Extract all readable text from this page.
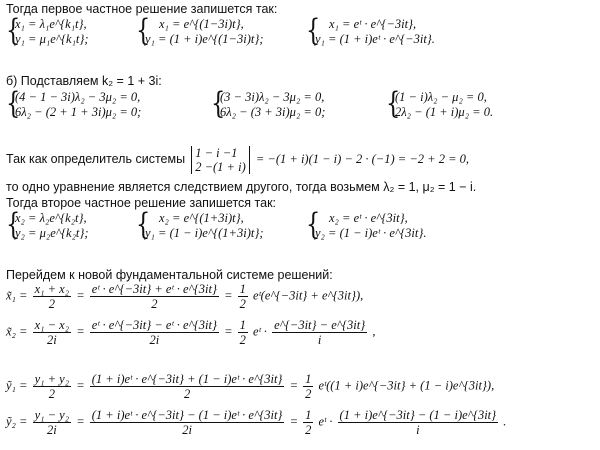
Тогда первое частное решение запишется так:
{
x₁ = λ₁e^{k₁t},
y₁ = μ₁e^{k₁t}; { x₁ = e^{(1−3i)t},
y₁ = (1 + i)e^{(1−3i)t}; { x₁ = eᵗ · e^{−3it},
y₁ = (1 + i)eᵗ · e^{−3it}.
б) Подставляем k₂ = 1 + 3i:
{
(4 − 1 − 3i)λ₂ − 3μ₂ = 0,
6λ₂ − (2 + 1 + 3i)μ₂ = 0; {
(3 − 3i)λ₂ − 3μ₂ = 0,
6λ₂ − (3 + 3i)μ₂ = 0; {
(1 − i)λ₂ − μ₂ = 0,
2λ₂ − (1 + i)μ₂ = 0.
Так как определитель системы 1 − i −1
2 −(1 + i)
= −(1 + i)(1 − i) − 2 · (−1) = −2 + 2 = 0,
то одно уравнение является следствием другого, тогда возьмем λ₂ = 1, μ₂ = 1 − i.
Тогда второе частное решение запишется так:
{
x₂ = λ₂e^{k₂t},
y₂ = μ₂e^{k₂t}; { x₂ = e^{(1+3i)t},
y₁ = (1 − i)e^{(1+3i)t}; { x₂ = eᵗ · e^{3it},
y₂ = (1 − i)eᵗ · e^{3it}.
Перейдем к новой фундаментальной системе решений:
x̃₁ = $\frac{\text{x₁ + x₂}}{2} = \frac{\text{eᵗ · e\textasciicircum{}\{−3it\} + eᵗ · e\textasciicircum{}\{3it\}}}{2} = \frac{1}{2}$ eᵗ(e^{−3it} + e^{3it}),
x̃₂ = $\frac{\text{x₁ − x₂}}{2i} = \frac{\text{eᵗ · e\textasciicircum{}\{−3it\} − eᵗ · e\textasciicircum{}\{3it\}}}{2i} = \frac{1}{2}$ eᵗ · $\frac{e\^{}\{-3it\} - e\^{}\{3it\}}{i}$ ,
ỹ₁ = $\frac{\text{y₁ + y₂}}{2} = \frac{\text{(1 + i)eᵗ · e\textasciicircum{}\{−3it\} + (1 − i)eᵗ · e\textasciicircum{}\{3it\}}}{2} = \frac{1}{2}$ eᵗ((1 + i)e^{−3it} + (1 − i)e^{3it}),
ỹ₂ = $\frac{\text{y₁ − y₂}}{2i} = \frac{\text{(1 + i)eᵗ · e\textasciicircum{}\{−3it\} − (1 − i)eᵗ · e\textasciicircum{}\{3it\}}}{2i} = \frac{1}{2}$ eᵗ · $\frac{(1 + i)e\^{}\{-3it\} - (1 - i)e\^{}\{3it\}}{i}$ .
